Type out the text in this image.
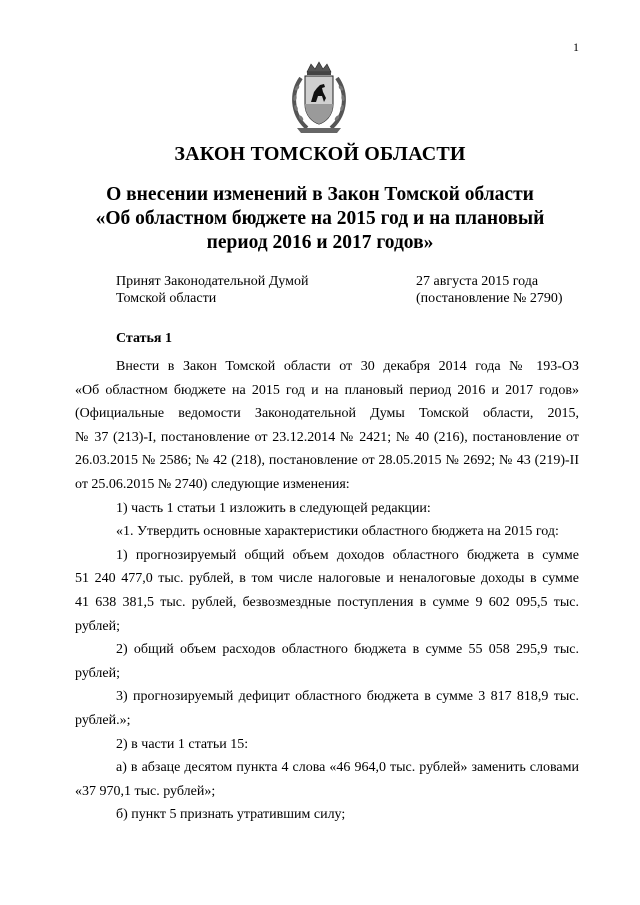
1
ЗАКОН ТОМСКОЙ ОБЛАСТИ
О внесении изменений в Закон Томской области
«Об областном бюджете на 2015 год и на плановый
период 2016 и 2017 годов»
Принят Законодательной Думой
Томской области
27 августа 2015 года
(постановление № 2790)
Статья 1
Внести в Закон Томской области от 30 декабря 2014 года № 193-ОЗ
«Об областном бюджете на 2015 год и на плановый период 2016 и 2017 годов»
(Официальные ведомости Законодательной Думы Томской области, 2015,
№ 37 (213)-I, постановление от 23.12.2014 № 2421; № 40 (216), постановление от
26.03.2015 № 2586; № 42 (218), постановление от 28.05.2015 № 2692; № 43 (219)-II
от 25.06.2015 № 2740) следующие изменения:
1) часть 1 статьи 1 изложить в следующей редакции:
«1. Утвердить основные характеристики областного бюджета на 2015 год:
1) прогнозируемый общий объем доходов областного бюджета в сумме
51 240 477,0 тыс. рублей, в том числе налоговые и неналоговые доходы в сумме
41 638 381,5 тыс. рублей, безвозмездные поступления в сумме 9 602 095,5 тыс.
рублей;
2) общий объем расходов областного бюджета в сумме 55 058 295,9 тыс.
рублей;
3) прогнозируемый дефицит областного бюджета в сумме 3 817 818,9 тыс.
рублей.»;
2) в части 1 статьи 15:
а) в абзаце десятом пункта 4 слова «46 964,0 тыс. рублей» заменить словами
«37 970,1 тыс. рублей»;
б) пункт 5 признать утратившим силу;
